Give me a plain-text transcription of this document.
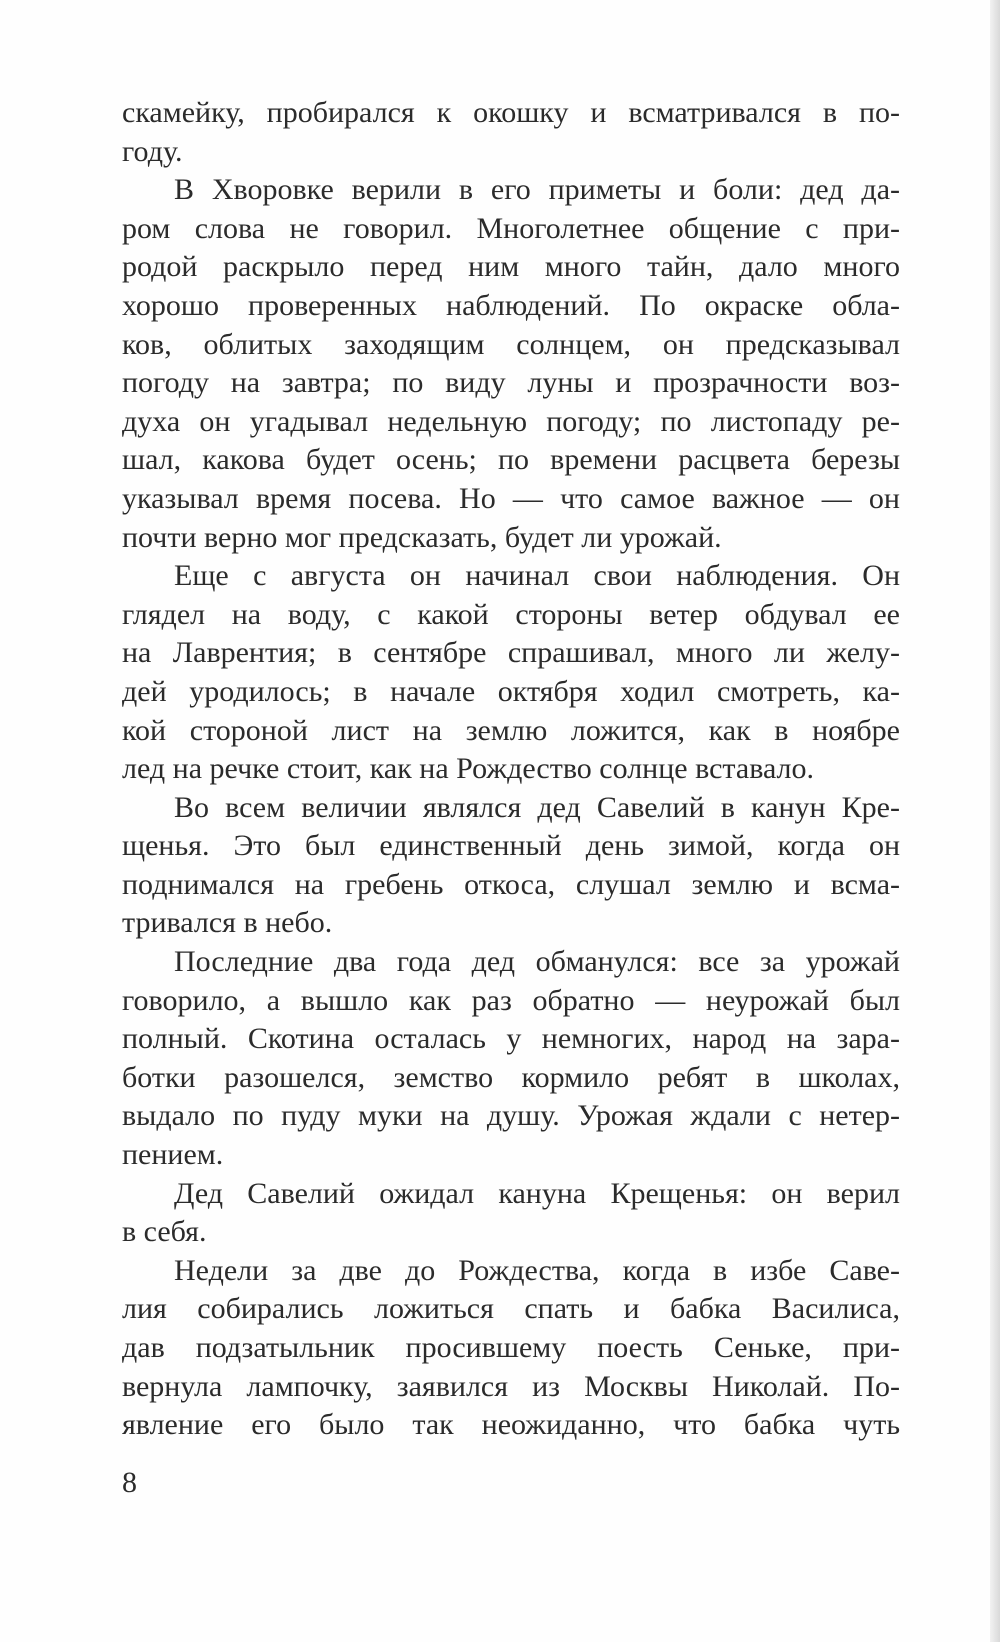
скамейку, пробирался к окошку и всматривался в по-
году.
В Хворовке верили в его приметы и боли: дед да-
ром слова не говорил. Многолетнее общение с при-
родой раскрыло перед ним много тайн, дало много
хорошо проверенных наблюдений. По окраске обла-
ков, облитых заходящим солнцем, он предсказывал
погоду на завтра; по виду луны и прозрачности воз-
духа он угадывал недельную погоду; по листопаду ре-
шал, какова будет осень; по времени расцвета березы
указывал время посева. Но — что самое важное — он
почти верно мог предсказать, будет ли урожай.
Еще с августа он начинал свои наблюдения. Он
глядел на воду, с какой стороны ветер обдувал ее
на Лаврентия; в сентябре спрашивал, много ли желу-
дей уродилось; в начале октября ходил смотреть, ка-
кой стороной лист на землю ложится, как в ноябре
лед на речке стоит, как на Рождество солнце вставало.
Во всем величии являлся дед Савелий в канун Кре-
щенья. Это был единственный день зимой, когда он
поднимался на гребень откоса, слушал землю и всма-
тривался в небо.
Последние два года дед обманулся: все за урожай
говорило, а вышло как раз обратно — неурожай был
полный. Скотина осталась у немногих, народ на зара-
ботки разошелся, земство кормило ребят в школах,
выдало по пуду муки на душу. Урожая ждали с нетер-
пением.
Дед Савелий ожидал кануна Крещенья: он верил
в себя.
Недели за две до Рождества, когда в избе Саве-
лия собирались ложиться спать и бабка Василиса,
дав подзатыльник просившему поесть Сеньке, при-
вернула лампочку, заявился из Москвы Николай. По-
явление его было так неожиданно, что бабка чуть
8
